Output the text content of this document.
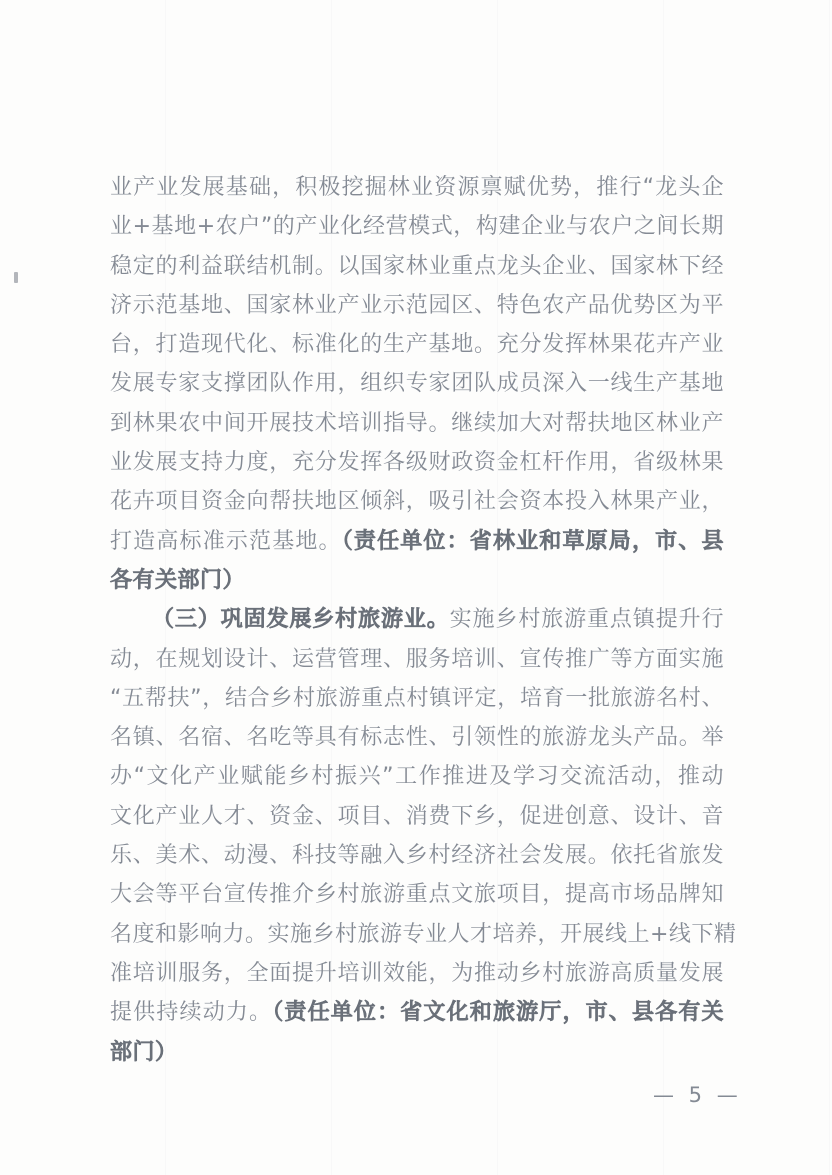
业产业发展基础，积极挖掘林业资源禀赋优势，推行“龙头企
业+基地+农户”的产业化经营模式，构建企业与农户之间长期
稳定的利益联结机制。以国家林业重点龙头企业、国家林下经
济示范基地、国家林业产业示范园区、特色农产品优势区为平
台，打造现代化、标准化的生产基地。充分发挥林果花卉产业
发展专家支撑团队作用，组织专家团队成员深入一线生产基地
到林果农中间开展技术培训指导。继续加大对帮扶地区林业产
业发展支持力度，充分发挥各级财政资金杠杆作用，省级林果
花卉项目资金向帮扶地区倾斜，吸引社会资本投入林果产业，
打造高标准示范基地。（责任单位：省林业和草原局，市、县
各有关部门）
（三）巩固发展乡村旅游业。实施乡村旅游重点镇提升行
动，在规划设计、运营管理、服务培训、宣传推广等方面实施
“五帮扶”，结合乡村旅游重点村镇评定，培育一批旅游名村、
名镇、名宿、名吃等具有标志性、引领性的旅游龙头产品。举
办“文化产业赋能乡村振兴”工作推进及学习交流活动，推动
文化产业人才、资金、项目、消费下乡，促进创意、设计、音
乐、美术、动漫、科技等融入乡村经济社会发展。依托省旅发
大会等平台宣传推介乡村旅游重点文旅项目，提高市场品牌知
名度和影响力。实施乡村旅游专业人才培养，开展线上+线下精
准培训服务，全面提升培训效能，为推动乡村旅游高质量发展
提供持续动力。（责任单位：省文化和旅游厅，市、县各有关
部门）
— 5 —
